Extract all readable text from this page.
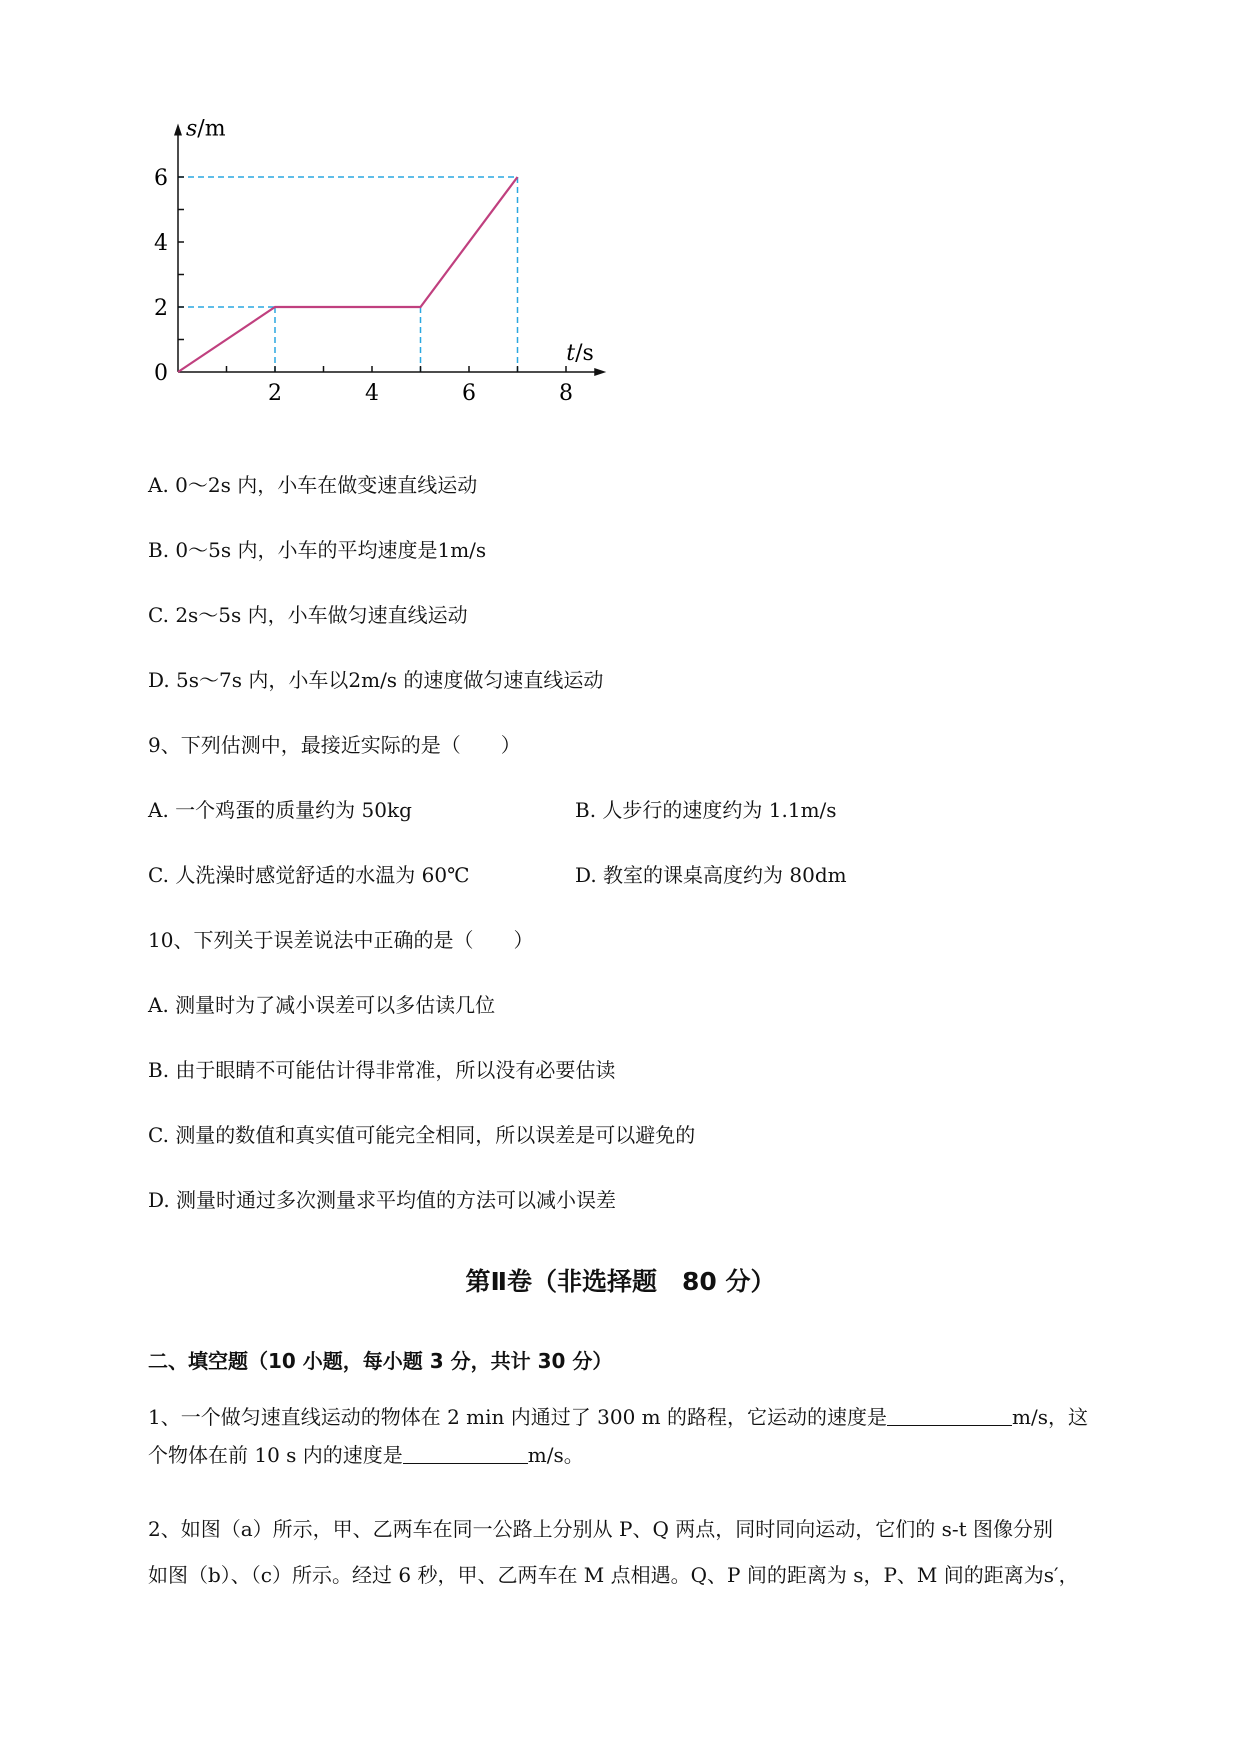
t/s
s/m
0
2	4	6	8
2
4
6
A. 0～2s 内，小车在做变速直线运动
B. 0～5s 内，小车的平均速度是1m/s
C. 2s～5s 内，小车做匀速直线运动
D. 5s～7s 内，小车以2m/s 的速度做匀速直线运动
9、下列估测中，最接近实际的是（　　）
A. 一个鸡蛋的质量约为 50kg	B. 人步行的速度约为 1.1m/s
C. 人洗澡时感觉舒适的水温为 60℃	D. 教室的课桌高度约为 80dm
10、下列关于误差说法中正确的是（　　）
A. 测量时为了减小误差可以多估读几位
B. 由于眼睛不可能估计得非常准，所以没有必要估读
C. 测量的数值和真实值可能完全相同，所以误差是可以避免的
D. 测量时通过多次测量求平均值的方法可以减小误差
第Ⅱ卷（非选择题　80 分）
二、填空题（10 小题，每小题 3 分，共计 30 分）
1、一个做匀速直线运动的物体在 2 min 内通过了 300 m 的路程，它运动的速度是	m/s，这
个物体在前 10 s 内的速度是	m/s。
2、如图（a）所示，甲、乙两车在同一公路上分别从 P、Q 两点，同时同向运动，它们的 s-t 图像分别
如图（b）、（c）所示。经过 6 秒，甲、乙两车在 M 点相遇。Q、P 间的距离为 s，P、M 间的距离为s′，
